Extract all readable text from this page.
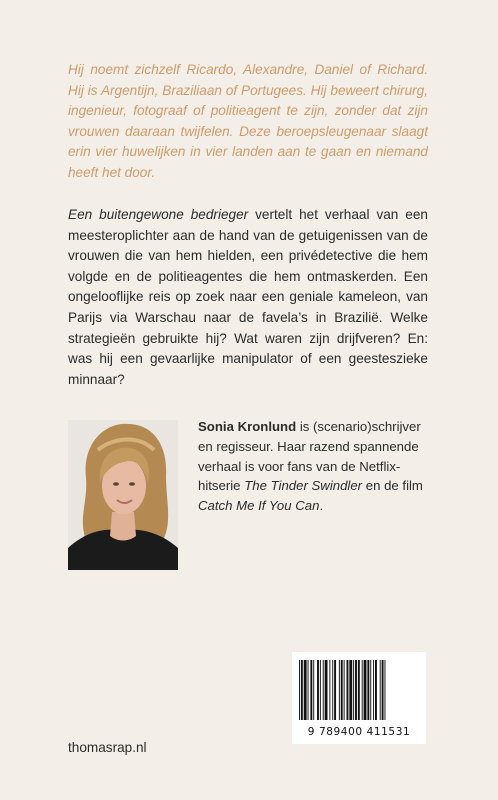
Hij noemt zichzelf Ricardo, Alexandre, Daniel of Richard. Hij is Argentijn, Braziliaan of Portugees. Hij beweert chirurg, ingenieur, fotograaf of politieagent te zijn, zonder dat zijn vrouwen daaraan twijfelen. Deze beroepsleugenaar slaagt erin vier huwelijken in vier landen aan te gaan en niemand heeft het door.
Een buitengewone bedrieger vertelt het verhaal van een meesteroplichter aan de hand van de getuigenissen van de vrouwen die van hem hielden, een privédetective die hem volgde en de politieagentes die hem ontmaskerden. Een ongelooflijke reis op zoek naar een geniale kameleon, van Parijs via Warschau naar de favela’s in Brazilië. Welke strategieën gebruikte hij? Wat waren zijn drijfveren? En: was hij een gevaarlijke manipulator of een geesteszieke minnaar?
Sonia Kronlund is (scenario)schrijver en regisseur. Haar razend spannende verhaal is voor fans van de Netflix-hitserie The Tinder Swindler en de film Catch Me If You Can.
9 789400 411531
thomasrap.nl
